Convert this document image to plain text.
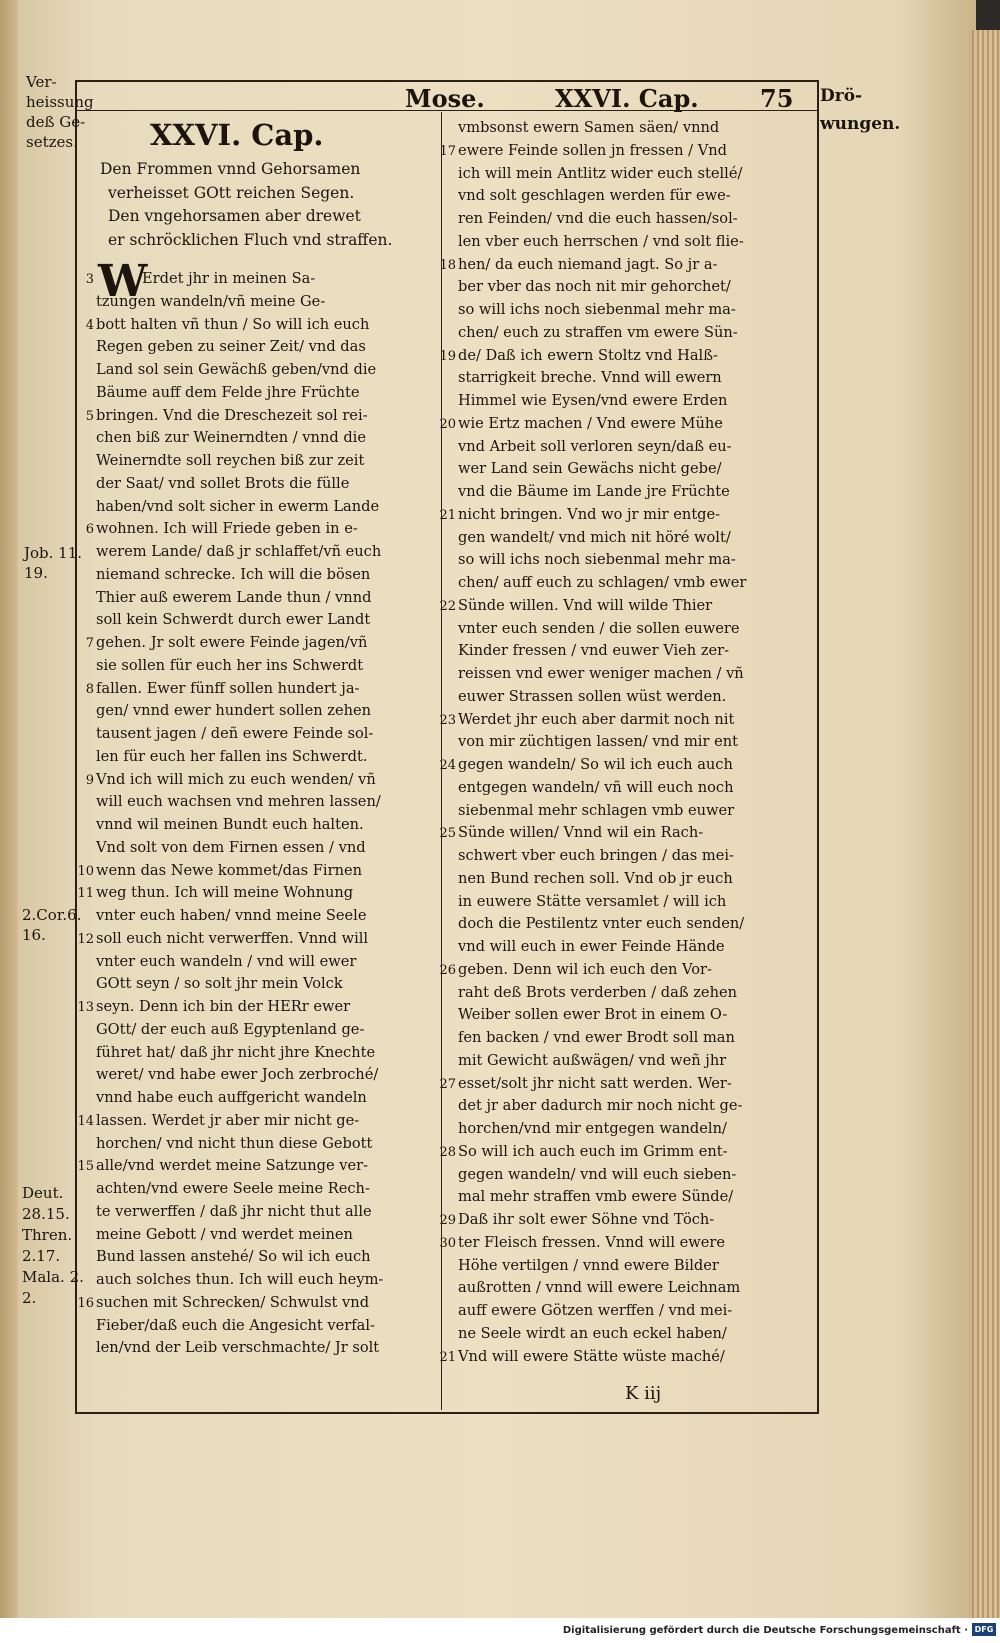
Mose.	XXVI. Cap.	75
Ver-
heissung
deß Ge-
setzes.
Drö-
wungen.
XXVI. Cap.
Den Frommen vnnd Gehorsamen
verheisset GOtt reichen Segen.
Den vngehorsamen aber drewet
er schröcklichen Fluch vnd straffen.
W
Erdet jhr in meinen Sa-
tzungen wandeln/vñ meine Ge-
bott halten vñ thun / So will ich euch
Regen geben zu seiner Zeit/ vnd das
Land sol sein Gewächß geben/vnd die
Bäume auff dem Felde jhre Früchte
bringen. Vnd die Dreschezeit sol rei-
chen biß zur Weinerndten / vnnd die
Weinerndte soll reychen biß zur zeit
der Saat/ vnd sollet Brots die fülle
haben/vnd solt sicher in ewerm Lande
wohnen. Ich will Friede geben in e-
werem Lande/ daß jr schlaffet/vñ euch
niemand schrecke. Ich will die bösen
Thier auß ewerem Lande thun / vnnd
soll kein Schwerdt durch ewer Landt
gehen. Jr solt ewere Feinde jagen/vñ
sie sollen für euch her ins Schwerdt
fallen. Ewer fünff sollen hundert ja-
gen/ vnnd ewer hundert sollen zehen
tausent jagen / deñ ewere Feinde sol-
len für euch her fallen ins Schwerdt.
Vnd ich will mich zu euch wenden/ vñ
will euch wachsen vnd mehren lassen/
vnnd wil meinen Bundt euch halten.
Vnd solt von dem Firnen essen / vnd
wenn das Newe kommet/das Firnen
weg thun. Ich will meine Wohnung
vnter euch haben/ vnnd meine Seele
soll euch nicht verwerffen. Vnnd will
vnter euch wandeln / vnd will ewer
GOtt seyn / so solt jhr mein Volck
seyn. Denn ich bin der HERr ewer
GOtt/ der euch auß Egyptenland ge-
führet hat/ daß jhr nicht jhre Knechte
weret/ vnd habe ewer Joch zerbroché/
vnnd habe euch auffgericht wandeln
lassen. Werdet jr aber mir nicht ge-
horchen/ vnd nicht thun diese Gebott
alle/vnd werdet meine Satzunge ver-
achten/vnd ewere Seele meine Rech-
te verwerffen / daß jhr nicht thut alle
meine Gebott / vnd werdet meinen
Bund lassen anstehé/ So wil ich euch
auch solches thun. Ich will euch heym-
suchen mit Schrecken/ Schwulst vnd
Fieber/daß euch die Angesicht verfal-
len/vnd der Leib verschmachte/ Jr solt
vmbsonst ewern Samen säen/ vnnd
ewere Feinde sollen jn fressen / Vnd
ich will mein Antlitz wider euch stellé/
vnd solt geschlagen werden für ewe-
ren Feinden/ vnd die euch hassen/sol-
len vber euch herrschen / vnd solt flie-
hen/ da euch niemand jagt. So jr a-
ber vber das noch nit mir gehorchet/
so will ichs noch siebenmal mehr ma-
chen/ euch zu straffen vm ewere Sün-
de/ Daß ich ewern Stoltz vnd Halß-
starrigkeit breche. Vnnd will ewern
Himmel wie Eysen/vnd ewere Erden
wie Ertz machen / Vnd ewere Mühe
vnd Arbeit soll verloren seyn/daß eu-
wer Land sein Gewächs nicht gebe/
vnd die Bäume im Lande jre Früchte
nicht bringen. Vnd wo jr mir entge-
gen wandelt/ vnd mich nit höré wolt/
so will ichs noch siebenmal mehr ma-
chen/ auff euch zu schlagen/ vmb ewer
Sünde willen. Vnd will wilde Thier
vnter euch senden / die sollen euwere
Kinder fressen / vnd euwer Vieh zer-
reissen vnd ewer weniger machen / vñ
euwer Strassen sollen wüst werden.
Werdet jhr euch aber darmit noch nit
von mir züchtigen lassen/ vnd mir ent
gegen wandeln/ So wil ich euch auch
entgegen wandeln/ vñ will euch noch
siebenmal mehr schlagen vmb euwer
Sünde willen/ Vnnd wil ein Rach-
schwert vber euch bringen / das mei-
nen Bund rechen soll. Vnd ob jr euch
in euwere Stätte versamlet / will ich
doch die Pestilentz vnter euch senden/
vnd will euch in ewer Feinde Hände
geben. Denn wil ich euch den Vor-
raht deß Brots verderben / daß zehen
Weiber sollen ewer Brot in einem O-
fen backen / vnd ewer Brodt soll man
mit Gewicht außwägen/ vnd weñ jhr
esset/solt jhr nicht satt werden. Wer-
det jr aber dadurch mir noch nicht ge-
horchen/vnd mir entgegen wandeln/
So will ich auch euch im Grimm ent-
gegen wandeln/ vnd will euch sieben-
mal mehr straffen vmb ewere Sünde/
Daß ihr solt ewer Söhne vnd Töch-
ter Fleisch fressen. Vnnd will ewere
Höhe vertilgen / vnnd ewere Bilder
außrotten / vnnd will ewere Leichnam
auff ewere Götzen werffen / vnd mei-
ne Seele wirdt an euch eckel haben/
Vnd will ewere Stätte wüste maché/
3
4
5
6
7
8
9
10
11
12
13
14
15
16
17
18
19
20
21
22
23
24
25
26
27
28
29
30
21
Job. 11.
19.
2.Cor.6.
16.
Deut.
28.15.
Thren.
2.17.
Mala. 2.
2.
K iij
Digitalisierung gefördert durch die Deutsche Forschungsgemeinschaft · DFG
